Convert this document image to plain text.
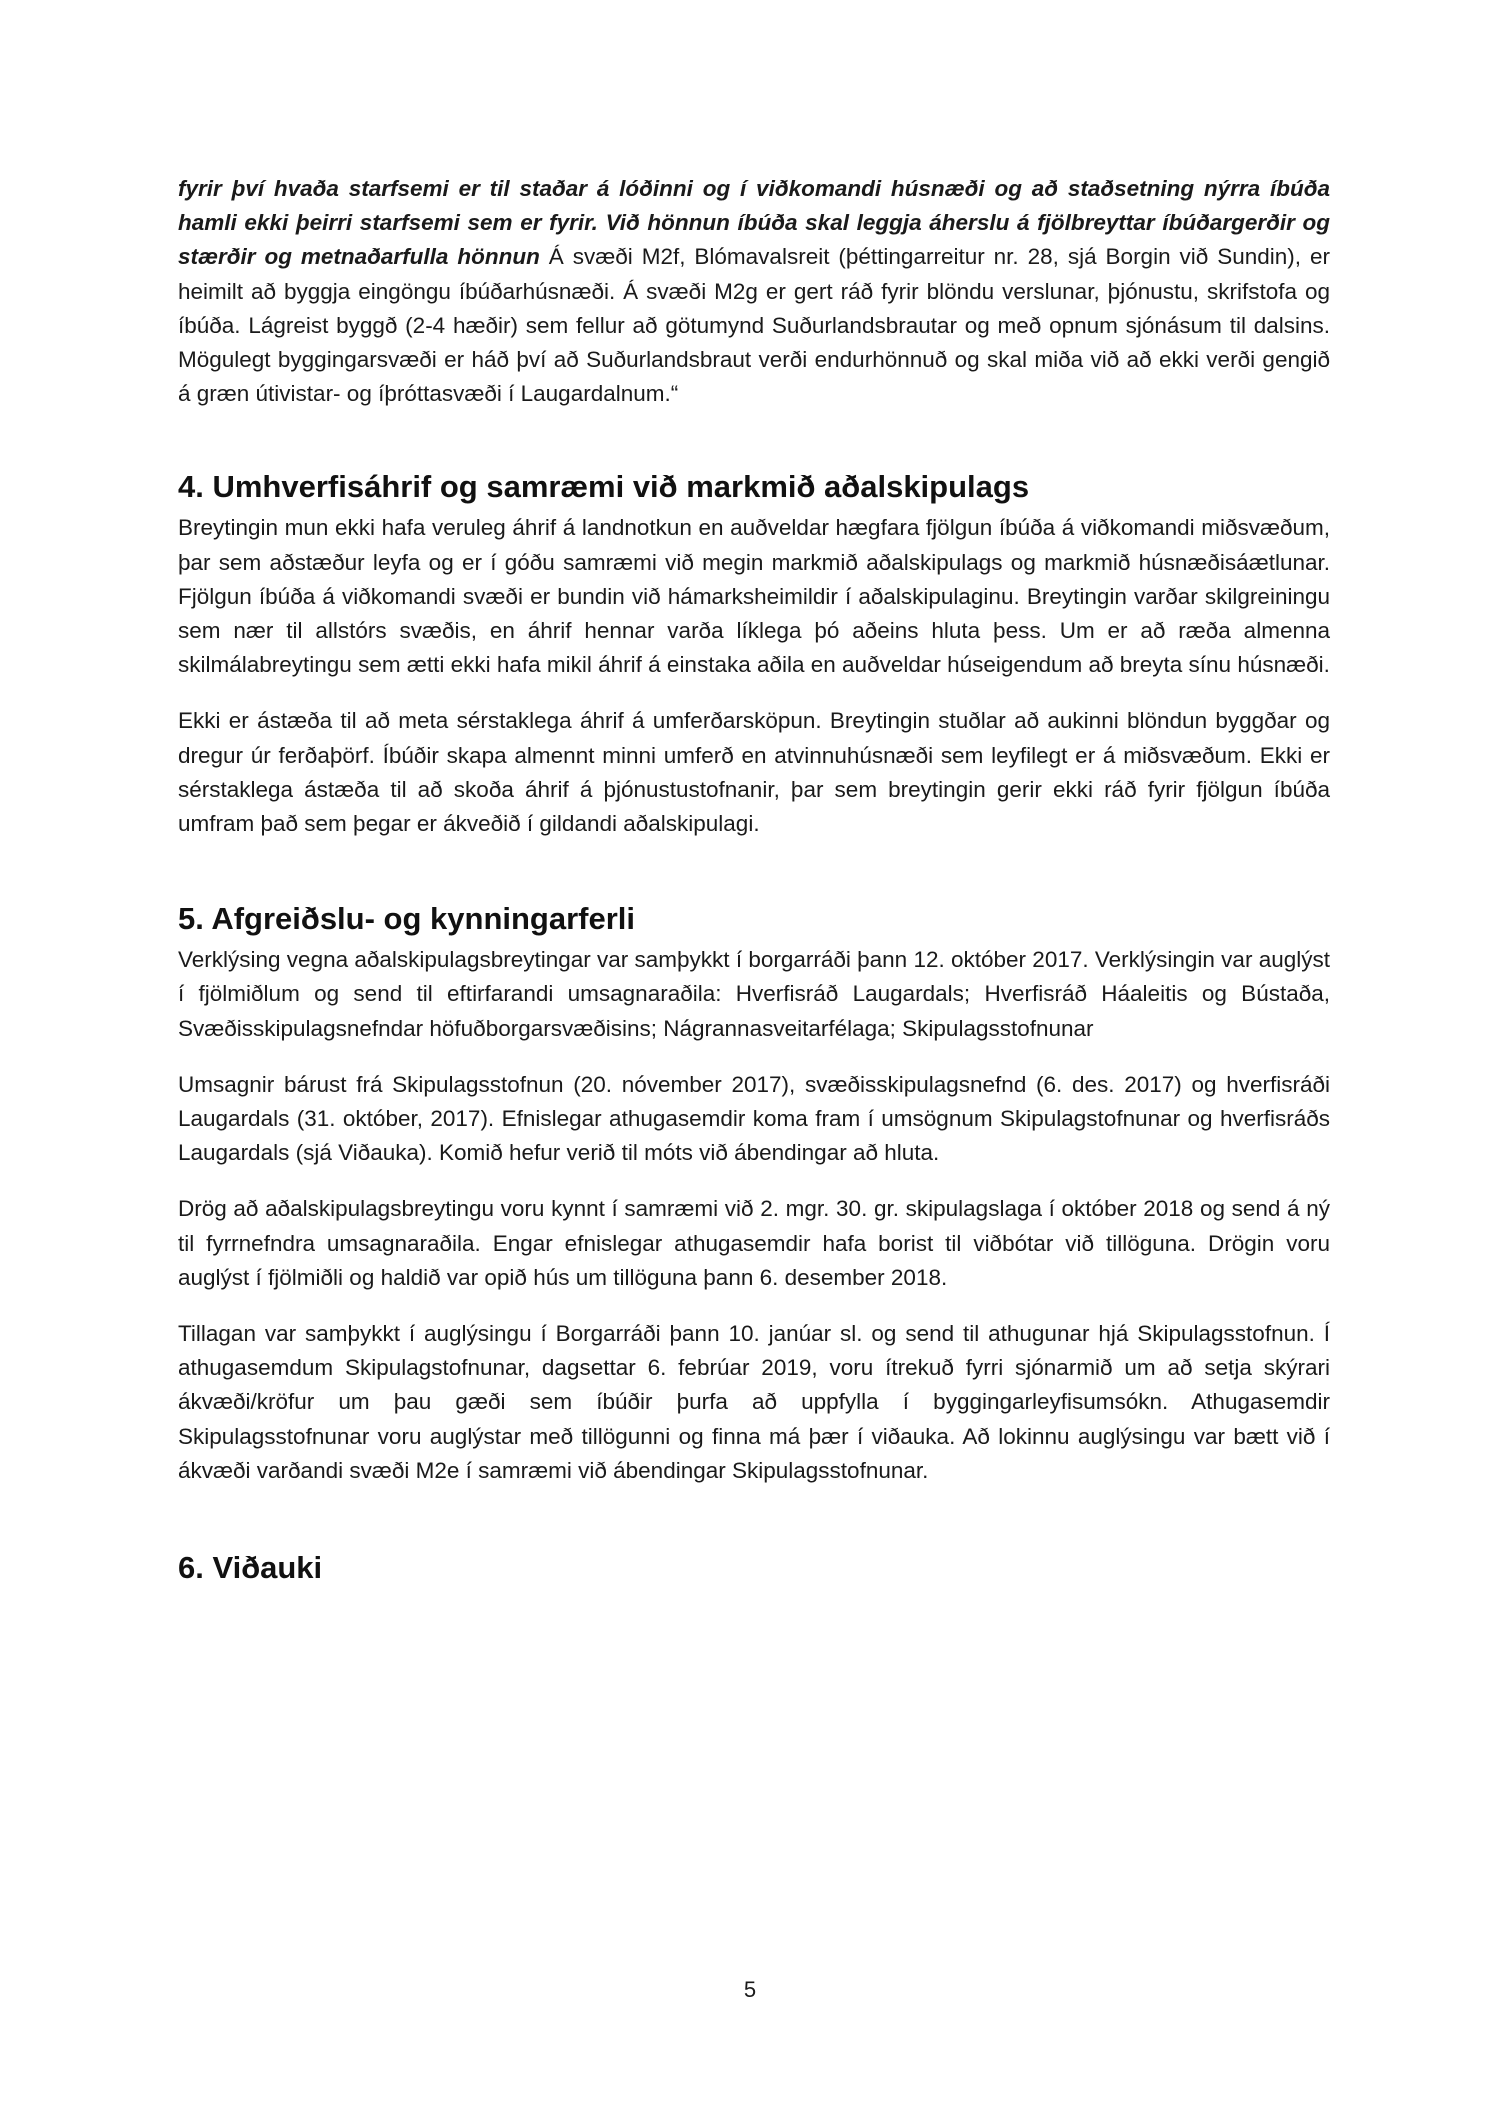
fyrir því hvaða starfsemi er til staðar á lóðinni og í viðkomandi húsnæði og að staðsetning nýrra íbúða hamli ekki þeirri starfsemi sem er fyrir. Við hönnun íbúða skal leggja áherslu á fjölbreyttar íbúðargerðir og stærðir og metnaðarfulla hönnun Á svæði M2f, Blómavalsreit (þéttingarreitur nr. 28, sjá Borgin við Sundin), er heimilt að byggja eingöngu íbúðarhúsnæði. Á svæði M2g er gert ráð fyrir blöndu verslunar, þjónustu, skrifstofa og íbúða. Lágreist byggð (2-4 hæðir) sem fellur að götumynd Suðurlandsbrautar og með opnum sjónásum til dalsins. Mögulegt byggingarsvæði er háð því að Suðurlandsbraut verði endurhönnuð og skal miða við að ekki verði gengið á græn útivistar- og íþróttasvæði í Laugardalnum.“

4. Umhverfisáhrif og samræmi við markmið aðalskipulags

Breytingin mun ekki hafa veruleg áhrif á landnotkun en auðveldar hægfara fjölgun íbúða á viðkomandi miðsvæðum, þar sem aðstæður leyfa og er í góðu samræmi við megin markmið aðalskipulags og markmið húsnæðisáætlunar. Fjölgun íbúða á viðkomandi svæði er bundin við hámarksheimildir í aðalskipulaginu. Breytingin varðar skilgreiningu sem nær til allstórs svæðis, en áhrif hennar varða líklega þó aðeins hluta þess. Um er að ræða almenna skilmálabreytingu sem ætti ekki hafa mikil áhrif á einstaka aðila en auðveldar húseigendum að breyta sínu húsnæði.

Ekki er ástæða til að meta sérstaklega áhrif á umferðarsköpun. Breytingin stuðlar að aukinni blöndun byggðar og dregur úr ferðaþörf. Íbúðir skapa almennt minni umferð en atvinnuhúsnæði sem leyfilegt er á miðsvæðum. Ekki er sérstaklega ástæða til að skoða áhrif á þjónustustofnanir, þar sem breytingin gerir ekki ráð fyrir fjölgun íbúða umfram það sem þegar er ákveðið í gildandi aðalskipulagi.

5. Afgreiðslu- og kynningarferli

Verklýsing vegna aðalskipulagsbreytingar var samþykkt í borgarráði þann 12. október 2017. Verklýsingin var auglýst í fjölmiðlum og send til eftirfarandi umsagnaraðila: Hverfisráð Laugardals; Hverfisráð Háaleitis og Bústaða, Svæðisskipulagsnefndar höfuðborgarsvæðisins; Nágrannasveitarfélaga; Skipulagsstofnunar

Umsagnir bárust frá Skipulagsstofnun (20. nóvember 2017), svæðisskipulagsnefnd (6. des. 2017) og hverfisráði Laugardals (31. október, 2017). Efnislegar athugasemdir koma fram í umsögnum Skipulagstofnunar og hverfisráðs Laugardals (sjá Viðauka). Komið hefur verið til móts við ábendingar að hluta.

Drög að aðalskipulagsbreytingu voru kynnt í samræmi við 2. mgr. 30. gr. skipulagslaga í október 2018 og send á ný til fyrrnefndra umsagnaraðila. Engar efnislegar athugasemdir hafa borist til viðbótar við tillöguna. Drögin voru auglýst í fjölmiðli og haldið var opið hús um tillöguna þann 6. desember 2018.

Tillagan var samþykkt í auglýsingu í Borgarráði þann 10. janúar sl. og send til athugunar hjá Skipulagsstofnun. Í athugasemdum Skipulagstofnunar, dagsettar 6. febrúar 2019, voru ítrekuð fyrri sjónarmið um að setja skýrari ákvæði/kröfur um þau gæði sem íbúðir þurfa að uppfylla í byggingarleyfisumsókn. Athugasemdir Skipulagsstofnunar voru auglýstar með tillögunni og finna má þær í viðauka. Að lokinnu auglýsingu var bætt við í ákvæði varðandi svæði M2e í samræmi við ábendingar Skipulagsstofnunar.

6. Viðauki
5
